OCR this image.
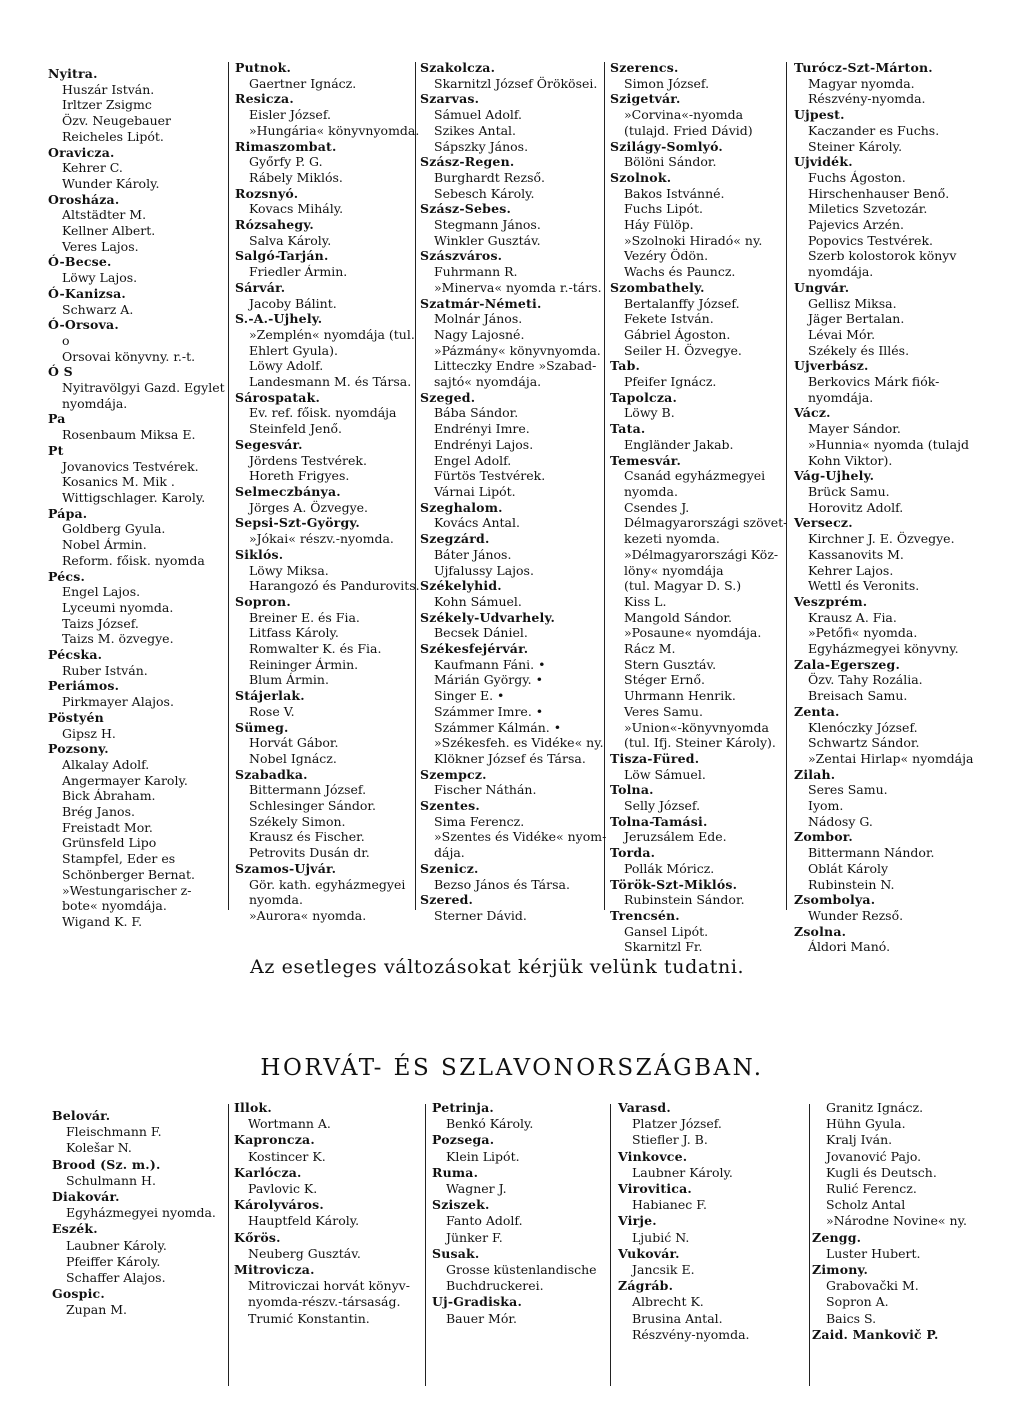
Nyitra.
Huszár István.
Irltzer Zsigmc
Özv. Neugebauer
Reicheles Lipót.
Oravicza.
Kehrer C.
Wunder Károly.
Orosháza.
Altstädter M.
Kellner Albert.
Veres Lajos.
Ó-Becse.
Löwy Lajos.
Ó-Kanizsa.
Schwarz A.
Ó-Orsova.
o
Orsovai könyvny. r.-t.
Ó S
Nyitravölgyi Gazd. Egylet
nyomdája.
Pa
Rosenbaum Miksa E.
Pt
Jovanovics Testvérek.
Kosanics M. Mik .
Wittigschlager. Karoly.
Pápa.
Goldberg Gyula.
Nobel Ármin.
Reform. főisk. nyomda
Pécs.
Engel Lajos.
Lyceumi nyomda.
Taizs József.
Taizs M. özvegye.
Pécska.
Ruber István.
Periámos.
Pirkmayer Alajos.
Pöstyén
Gipsz H.
Pozsony.
Alkalay Adolf.
Angermayer Karoly.
Bick Ábraham.
Brég Janos.
Freistadt Mor.
Grünsfeld Lipo
Stampfel, Eder es
Schönberger Bernat.
»Westungarischer z-
bote« nyomdája.
Wigand K. F.
Putnok.
Gaertner Ignácz.
Resicza.
Eisler József.
»Hungária« könyvnyomda.
Rimaszombat.
Győrfy P. G.
Rábely Miklós.
Rozsnyó.
Kovacs Mihály.
Rózsahegy.
Salva Károly.
Salgó-Tarján.
Friedler Ármin.
Sárvár.
Jacoby Bálint.
S.-A.-Ujhely.
»Zemplén« nyomdája (tul.
Ehlert Gyula).
Löwy Adolf.
Landesmann M. és Társa.
Sárospatak.
Ev. ref. főisk. nyomdája
Steinfeld Jenő.
Segesvár.
Jördens Testvérek.
Horeth Frigyes.
Selmeczbánya.
Jörges A. Özvegye.
Sepsi-Szt-György.
»Jókai« részv.-nyomda.
Siklós.
Löwy Miksa.
Harangozó és Pandurovits.
Sopron.
Breiner E. és Fia.
Litfass Károly.
Romwalter K. és Fia.
Reininger Ármin.
Blum Ármin.
Stájerlak.
Rose V.
Sümeg.
Horvát Gábor.
Nobel Ignácz.
Szabadka.
Bittermann József.
Schlesinger Sándor.
Székely Simon.
Krausz és Fischer.
Petrovits Dusán dr.
Szamos-Ujvár.
Gör. kath. egyházmegyei
nyomda.
»Aurora« nyomda.
Szakolcza.
Skarnitzl József Örökösei.
Szarvas.
Sámuel Adolf.
Szikes Antal.
Sápszky János.
Szász-Regen.
Burghardt Rezső.
Sebesch Károly.
Szász-Sebes.
Stegmann János.
Winkler Gusztáv.
Szászváros.
Fuhrmann R.
»Minerva« nyomda r.-társ.
Szatmár-Németi.
Molnár János.
Nagy Lajosné.
»Pázmány« könyvnyomda.
Litteczky Endre »Szabad-
sajtó« nyomdája.
Szeged.
Bába Sándor.
Endrényi Imre.
Endrényi Lajos.
Engel Adolf.
Fürtös Testvérek.
Várnai Lipót.
Szeghalom.
Kovács Antal.
Szegzárd.
Báter János.
Ujfalussy Lajos.
Székelyhid.
Kohn Sámuel.
Székely-Udvarhely.
Becsek Dániel.
Székesfejérvár.
Kaufmann Fáni. •
Márián György. •
Singer E. •
Számmer Imre. •
Számmer Kálmán. •
»Székesfeh. es Vidéke« ny.
Klökner József és Társa.
Szempcz.
Fischer Náthán.
Szentes.
Sima Ferencz.
»Szentes és Vidéke« nyom-
dája.
Szenicz.
Bezso János és Társa.
Szered.
Sterner Dávid.
Szerencs.
Simon József.
Szigetvár.
»Corvina«-nyomda
(tulajd. Fried Dávid)
Szilágy-Somlyó.
Bölöni Sándor.
Szolnok.
Bakos Istvánné.
Fuchs Lipót.
Háy Fülöp.
»Szolnoki Hiradó« ny.
Vezéry Ödön.
Wachs és Pauncz.
Szombathely.
Bertalanffy József.
Fekete István.
Gábriel Ágoston.
Seiler H. Özvegye.
Tab.
Pfeifer Ignácz.
Tapolcza.
Löwy B.
Tata.
Engländer Jakab.
Temesvár.
Csanád egyházmegyei
nyomda.
Csendes J.
Délmagyarországi szövet-
kezeti nyomda.
»Délmagyarországi Köz-
löny« nyomdája
(tul. Magyar D. S.)
Kiss L.
Mangold Sándor.
»Posaune« nyomdája.
Rácz M.
Stern Gusztáv.
Stéger Ernő.
Uhrmann Henrik.
Veres Samu.
»Union«-könyvnyomda
(tul. Ifj. Steiner Károly).
Tisza-Füred.
Löw Sámuel.
Tolna.
Selly József.
Tolna-Tamási.
Jeruzsálem Ede.
Torda.
Pollák Móricz.
Török-Szt-Miklós.
Rubinstein Sándor.
Trencsén.
Gansel Lipót.
Skarnitzl Fr.
Turócz-Szt-Márton.
Magyar nyomda.
Részvény-nyomda.
Ujpest.
Kaczander es Fuchs.
Steiner Károly.
Ujvidék.
Fuchs Ágoston.
Hirschenhauser Benő.
Miletics Szvetozár.
Pajevics Arzén.
Popovics Testvérek.
Szerb kolostorok könyv
nyomdája.
Ungvár.
Gellisz Miksa.
Jäger Bertalan.
Lévai Mór.
Székely és Illés.
Ujverbász.
Berkovics Márk fiók-
nyomdája.
Vácz.
Mayer Sándor.
»Hunnia« nyomda (tulajd
Kohn Viktor).
Vág-Ujhely.
Brück Samu.
Horovitz Adolf.
Versecz.
Kirchner J. E. Özvegye.
Kassanovits M.
Kehrer Lajos.
Wettl és Veronits.
Veszprém.
Krausz A. Fia.
»Petőfi« nyomda.
Egyházmegyei könyvny.
Zala-Egerszeg.
Özv. Tahy Rozália.
Breisach Samu.
Zenta.
Klenóczky József.
Schwartz Sándor.
»Zentai Hirlap« nyomdája
Zilah.
Seres Samu.
Iyom.
Nádosy G.
Zombor.
Bittermann Nándor.
Oblát Károly
Rubinstein N.
Zsombolya.
Wunder Rezső.
Zsolna.
Áldori Manó.
Az esetleges változásokat kérjük velünk tudatni.
HORVÁT- ÉS SZLAVONORSZÁGBAN.
Belovár.
Fleischmann F.
Kolešar N.
Brood (Sz. m.).
Schulmann H.
Diakovár.
Egyházmegyei nyomda.
Eszék.
Laubner Károly.
Pfeiffer Károly.
Schaffer Alajos.
Gospic.
Zupan M.
Illok.
Wortmann A.
Kaproncza.
Kostincer K.
Karlócza.
Pavlovic K.
Károlyváros.
Hauptfeld Károly.
Kőrös.
Neuberg Gusztáv.
Mitrovicza.
Mitroviczai horvát könyv-
nyomda-részv.-társaság.
Trumić Konstantin.
Petrinja.
Benkó Károly.
Pozsega.
Klein Lipót.
Ruma.
Wagner J.
Sziszek.
Fanto Adolf.
Jünker F.
Susak.
Grosse küstenlandische
Buchdruckerei.
Uj-Gradiska.
Bauer Mór.
Varasd.
Platzer József.
Stiefler J. B.
Vinkovce.
Laubner Károly.
Virovitica.
Habianec F.
Virje.
Ljubić N.
Vukovár.
Jancsik E.
Zágráb.
Albrecht K.
Brusina Antal.
Részvény-nyomda.
Granitz Ignácz.
Hühn Gyula.
Kralj Iván.
Jovanović Pajo.
Kugli és Deutsch.
Rulić Ferencz.
Scholz Antal
»Národne Novine« ny.
Zengg.
Luster Hubert.
Zimony.
Grabovački M.
Sopron A.
Baics S.
Zaid. Mankovič P.
